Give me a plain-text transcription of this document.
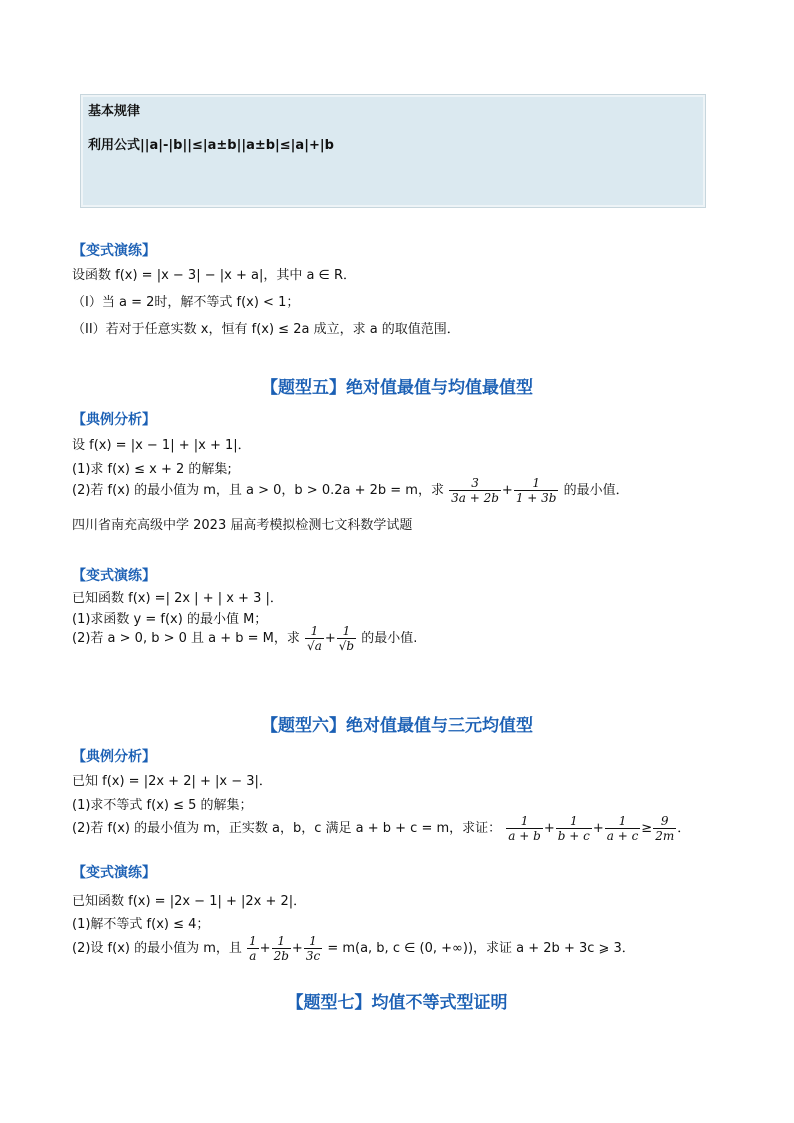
基本规律
利用公式||a|-|b||≤|a±b||a±b|≤|a|+|b
【变式演练】
设函数 f(x) = |x − 3| − |x + a|，其中 a ∈ R．
（I）当 a = 2时，解不等式 f(x) < 1；
（II）若对于任意实数 x，恒有 f(x) ≤ 2a 成立，求 a 的取值范围．
【题型五】绝对值最值与均值最值型
【典例分析】
设 f(x) = |x − 1| + |x + 1|．
(1)求 f(x) ≤ x + 2 的解集;
(2)若 f(x) 的最小值为 m，且 a > 0，b > 0.2a + 2b = m，求 $\frac{3}{3a + 2b} + \frac{1}{1 + 3b}$ 的最小值．
四川省南充高级中学 2023 届高考模拟检测七文科数学试题
【变式演练】
已知函数 f(x) =| 2x | + | x + 3 |．
(1)求函数 y = f(x) 的最小值 M；
(2)若 a > 0, b > 0 且 a + b = M，求 $\frac{1}{√a} + \frac{1}{√b}$ 的最小值.
【题型六】绝对值最值与三元均值型
【典例分析】
已知 f(x) = |2x + 2| + |x − 3|．
(1)求不等式 f(x) ≤ 5 的解集；
(2)若 f(x) 的最小值为 m，正实数 a，b，c 满足 a + b + c = m，求证： $\frac{1}{a + b} + \frac{1}{b + c} + \frac{1}{a + c} \ge \frac{9}{2m}$ ．
【变式演练】
已知函数 f(x) = |2x − 1| + |2x + 2|．
(1)解不等式 f(x) ≤ 4；
(2)设 f(x) 的最小值为 m，且 $\frac{1}{a} + \frac{1}{2b} + \frac{1}{3c} = m(a$, b, c ∈ (0, +∞))，求证 a + 2b + 3c ⩾ 3．
【题型七】均值不等式型证明
